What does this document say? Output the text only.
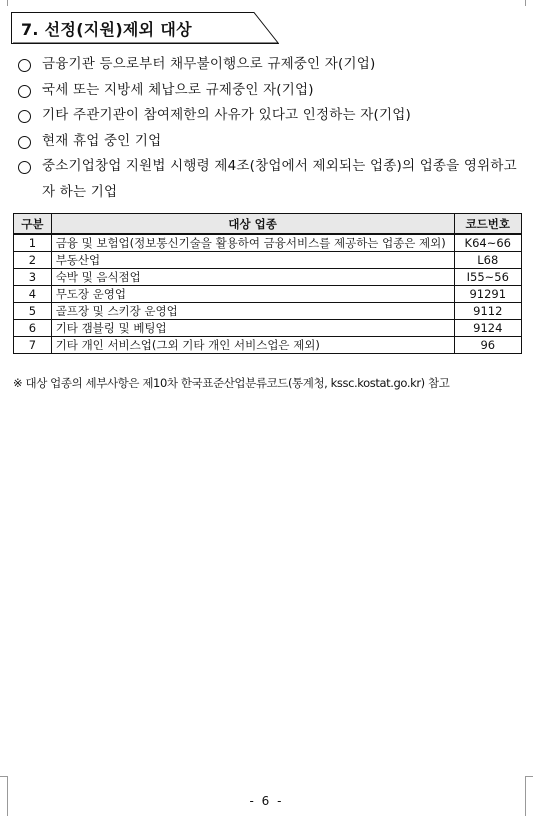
7. 선정(지원)제외 대상
금융기관 등으로부터 채무불이행으로 규제중인 자(기업)
국세 또는 지방세 체납으로 규제중인 자(기업)
기타 주관기관이 참여제한의 사유가 있다고 인정하는 자(기업)
현재 휴업 중인 기업
중소기업창업 지원법 시행령 제4조(창업에서 제외되는 업종)의 업종을 영위하고자 하는 기업
구분	대상 업종	코드번호
1	금융 및 보험업(정보통신기술을 활용하여 금융서비스를 제공하는 업종은 제외)	K64~66
2	부동산업	L68
3	숙박 및 음식점업	I55~56
4	무도장 운영업	91291
5	골프장 및 스키장 운영업	9112
6	기타 갬블링 및 베팅업	9124
7	기타 개인 서비스업(그외 기타 개인 서비스업은 제외)	96
※ 대상 업종의 세부사항은 제10차 한국표준산업분류코드(통계청, kssc.kostat.go.kr) 참고
- 6 -
